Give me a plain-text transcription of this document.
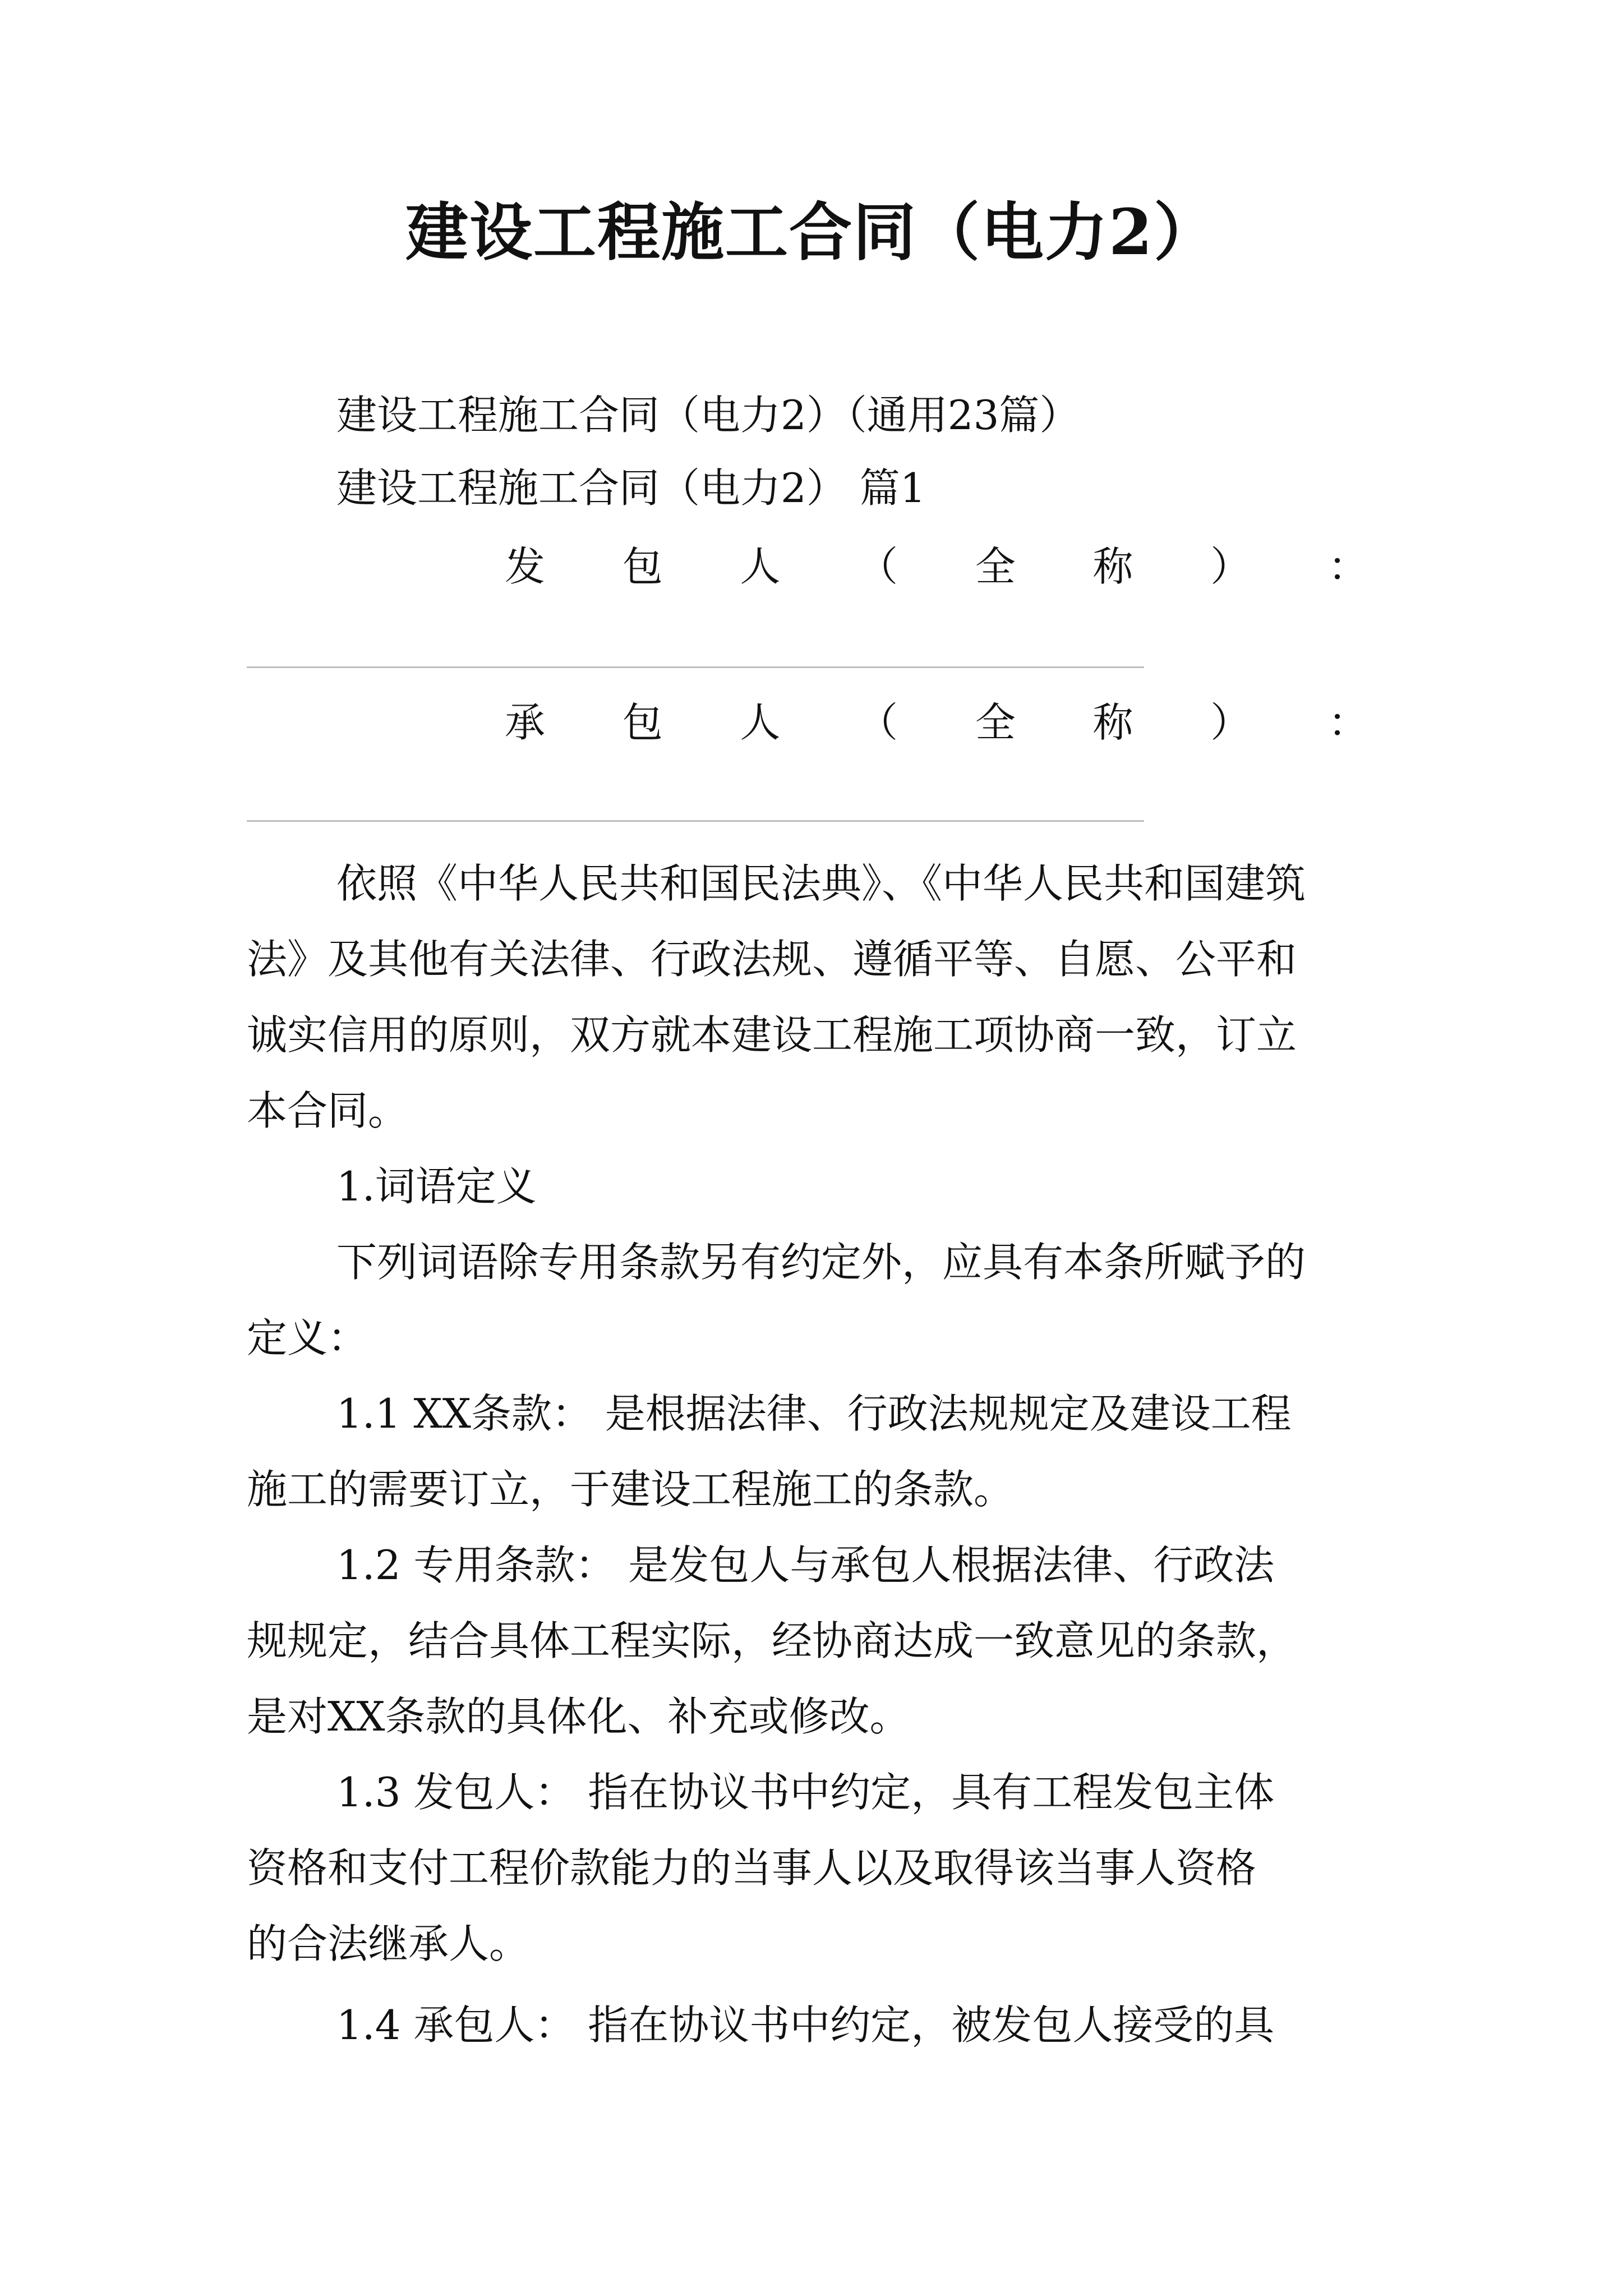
建设工程施工合同（电力2）
建设工程施工合同（电力2）（通用23篇）
建设工程施工合同（电力2） 篇1
发 包 人 （ 全 称 ） ：
承 包 人 （ 全 称 ） ：
依照《中华人民共和国民法典》、《中华人民共和国建筑
法》及其他有关法律、行政法规、遵循平等、自愿、公平和
诚实信用的原则，双方就本建设工程施工项协商一致，订立
本合同。
1.词语定义
下列词语除专用条款另有约定外，应具有本条所赋予的
定义：
1.1 XX条款： 是根据法律、行政法规规定及建设工程
施工的需要订立，于建设工程施工的条款。
1.2 专用条款： 是发包人与承包人根据法律、行政法
规规定，结合具体工程实际，经协商达成一致意见的条款，
是对XX条款的具体化、补充或修改。
1.3 发包人： 指在协议书中约定，具有工程发包主体
资格和支付工程价款能力的当事人以及取得该当事人资格
的合法继承人。
1.4 承包人： 指在协议书中约定，被发包人接受的具
